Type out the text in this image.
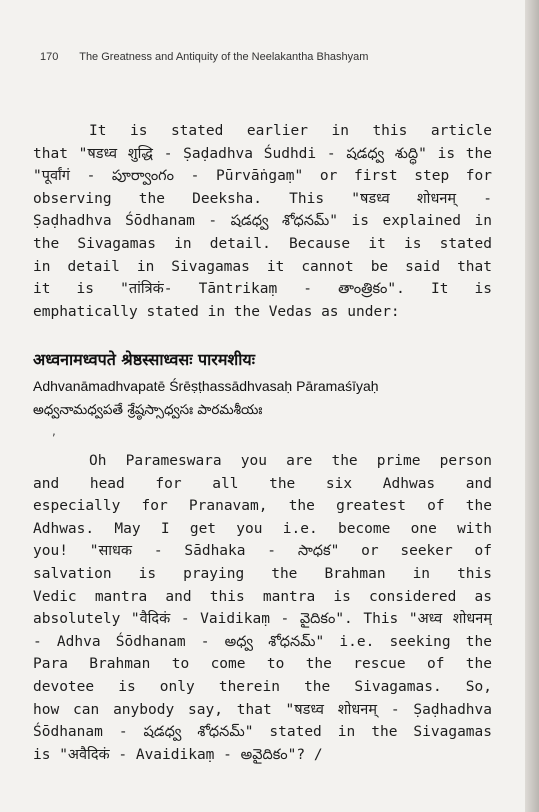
170 The Greatness and Antiquity of the Neelakantha Bhashyam
It is stated earlier in this article
that "षडध्व शुद्धि - Ṣaḍadhva Śudhdi - షడధ్వ శుద్ధి" is the
"पूर्वांगं - పూర్వాంగం - Pūrvāṅgaṃ" or first step for
observing the Deeksha. This "षडध्व शोधनम् -
Ṣaḍhadhva Śōdhanam - షడధ్వ శోధనమ్" is explained in
the Sivagamas in detail. Because it is stated
in detail in Sivagamas it cannot be said that
it is "तांत्रिकं- Tāntrikaṃ - తాంత్రికం". It is
emphatically stated in the Vedas as under:
अध्वनामध्वपते श्रेष्ठस्साध्वसः पारमशीयः
Adhvanāmadhvapatē Śrēṣṭhassādhvasaḥ Pāramaśīyaḥ
అధ్వనామధ్వపతే శ్రేష్ఠస్సాధ్వసః పారమశీయః
,
Oh Parameswara you are the prime person
and head for all the six Adhwas and
especially for Pranavam, the greatest of the
Adhwas. May I get you i.e. become one with
you! "साधक - Sādhaka - సాధక" or seeker of
salvation is praying the Brahman in this
Vedic mantra and this mantra is considered as
absolutely "वैदिकं - Vaidikaṃ - వైదికం". This "अध्व शोधनम्
- Adhva Śōdhanam - అధ్వ శోధనమ్" i.e. seeking the
Para Brahman to come to the rescue of the
devotee is only therein the Sivagamas. So,
how can anybody say, that "षडध्व शोधनम् - Ṣaḍhadhva
Śōdhanam - షడధ్వ శోధనమ్" stated in the Sivagamas
is "अवैदिकं - Avaidikaṃ - అవైదికం"? /
